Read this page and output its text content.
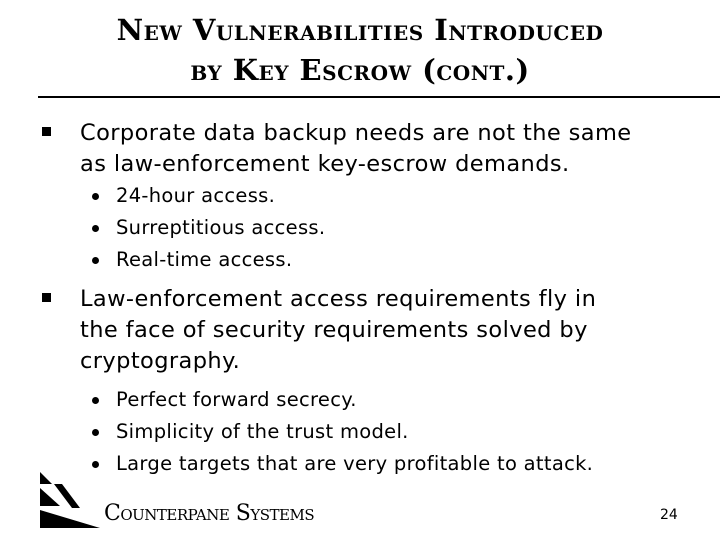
New Vulnerabilities Introduced
by Key Escrow (cont.)
Corporate data backup needs are not the same
as law-enforcement key-escrow demands.
24-hour access.
Surreptitious access.
Real-time access.
Law-enforcement access requirements fly in
the face of security requirements solved by
cryptography.
Perfect forward secrecy.
Simplicity of the trust model.
Large targets that are very profitable to attack.
Counterpane Systems	24
